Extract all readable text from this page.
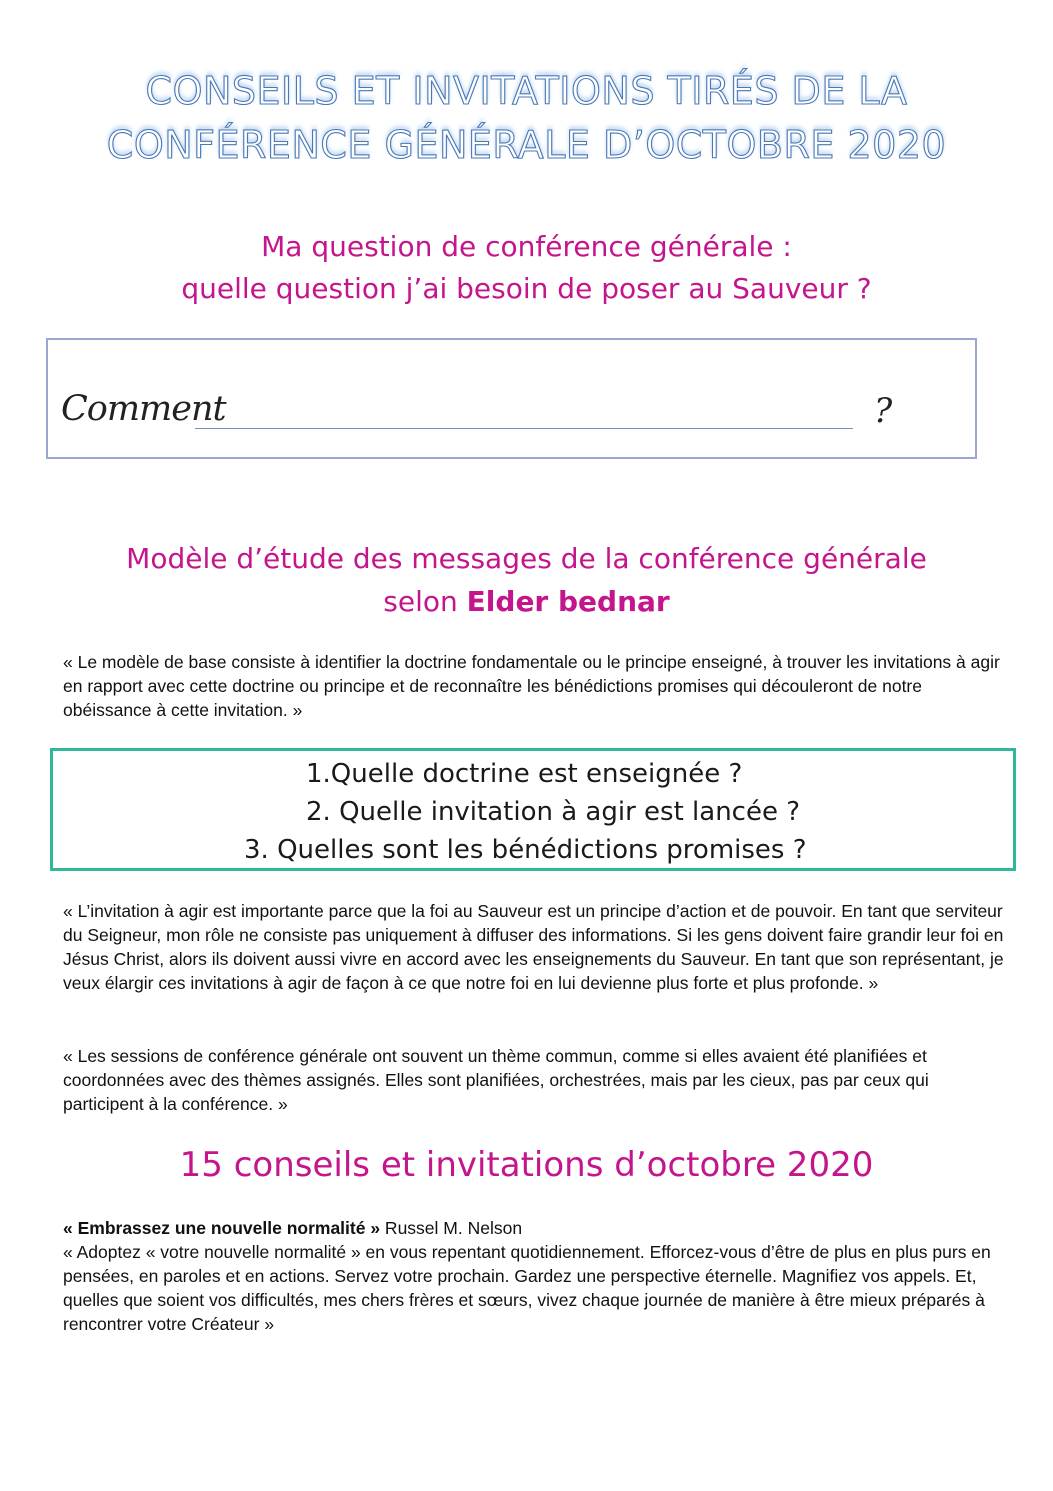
CONSEILS ET INVITATIONS TIRÉS DE LA
CONFÉRENCE GÉNÉRALE D’OCTOBRE 2020
Ma question de conférence générale :
quelle question j’ai besoin de poser au Sauveur ?
Comment	?
Modèle d’étude des messages de la conférence générale
selon Elder bednar

« Le modèle de base consiste à identifier la doctrine fondamentale ou le principe enseigné, à trouver les invitations à agir en rapport avec cette doctrine ou principe et de reconnaître les bénédictions promises qui découleront de notre obéissance à cette invitation. »

1.Quelle doctrine est enseignée ?
2. Quelle invitation à agir est lancée ?
3. Quelles sont les bénédictions promises ?

« L’invitation à agir est importante parce que la foi au Sauveur est un principe d’action et de pouvoir. En tant que serviteur du Seigneur, mon rôle ne consiste pas uniquement à diffuser des informations. Si les gens doivent faire grandir leur foi en Jésus Christ, alors ils doivent aussi vivre en accord avec les enseignements du Sauveur. En tant que son représentant, je veux élargir ces invitations à agir de façon à ce que notre foi en lui devienne plus forte et plus profonde. »

« Les sessions de conférence générale ont souvent un thème commun, comme si elles avaient été planifiées et coordonnées avec des thèmes assignés. Elles sont planifiées, orchestrées, mais par les cieux, pas par ceux qui participent à la conférence. »

15 conseils et invitations d’octobre 2020
« Embrassez une nouvelle normalité » Russel M. Nelson
« Adoptez « votre nouvelle normalité » en vous repentant quotidiennement. Efforcez-vous d’être de plus en plus purs en pensées, en paroles et en actions. Servez votre prochain. Gardez une perspective éternelle. Magnifiez vos appels. Et, quelles que soient vos difficultés, mes chers frères et sœurs, vivez chaque journée de manière à être mieux préparés à rencontrer votre Créateur »
